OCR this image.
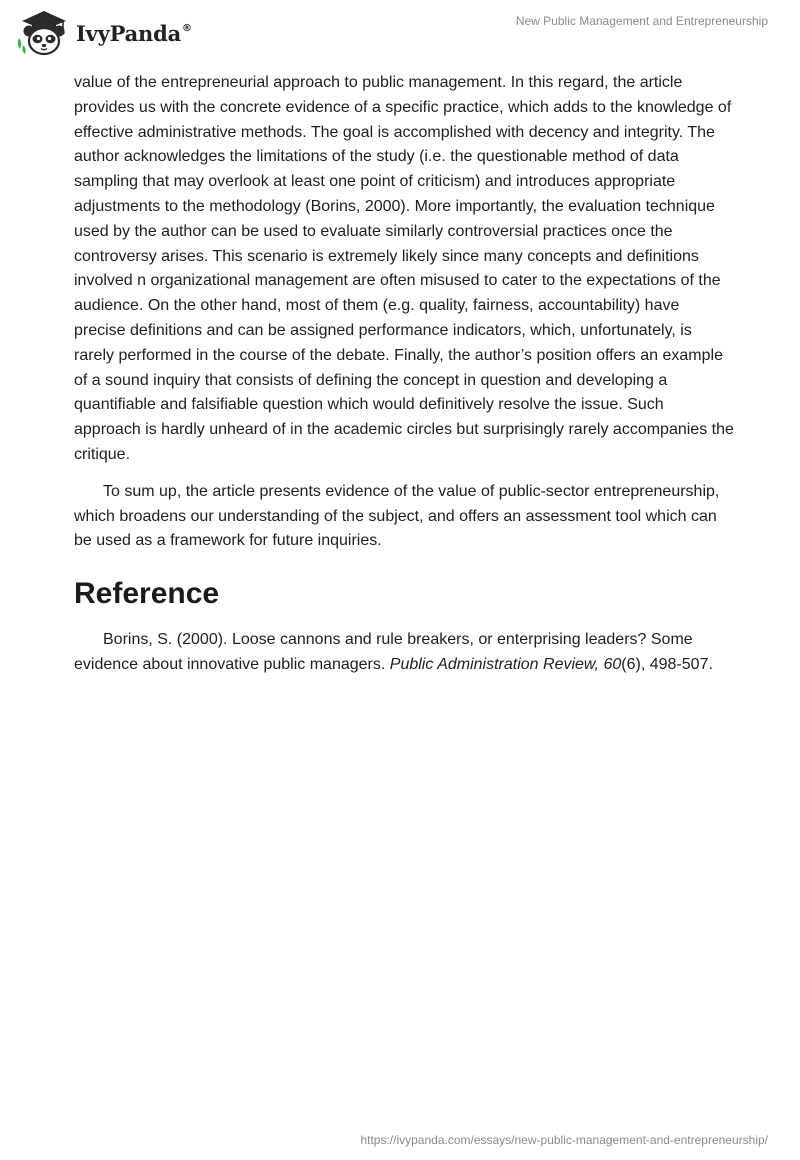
IvyPanda®	New Public Management and Entrepreneurship

value of the entrepreneurial approach to public management. In this regard, the article provides us with the concrete evidence of a specific practice, which adds to the knowledge of effective administrative methods. The goal is accomplished with decency and integrity. The author acknowledges the limitations of the study (i.e. the questionable method of data sampling that may overlook at least one point of criticism) and introduces appropriate adjustments to the methodology (Borins, 2000). More importantly, the evaluation technique used by the author can be used to evaluate similarly controversial practices once the controversy arises. This scenario is extremely likely since many concepts and definitions involved n organizational management are often misused to cater to the expectations of the audience. On the other hand, most of them (e.g. quality, fairness, accountability) have precise definitions and can be assigned performance indicators, which, unfortunately, is rarely performed in the course of the debate. Finally, the author’s position offers an example of a sound inquiry that consists of defining the concept in question and developing a quantifiable and falsifiable question which would definitively resolve the issue. Such approach is hardly unheard of in the academic circles but surprisingly rarely accompanies the critique.

To sum up, the article presents evidence of the value of public-sector entrepreneurship, which broadens our understanding of the subject, and offers an assessment tool which can be used as a framework for future inquiries.

Reference

Borins, S. (2000). Loose cannons and rule breakers, or enterprising leaders? Some evidence about innovative public managers. Public Administration Review, 60(6), 498-507.

https://ivypanda.com/essays/new-public-management-and-entrepreneurship/
